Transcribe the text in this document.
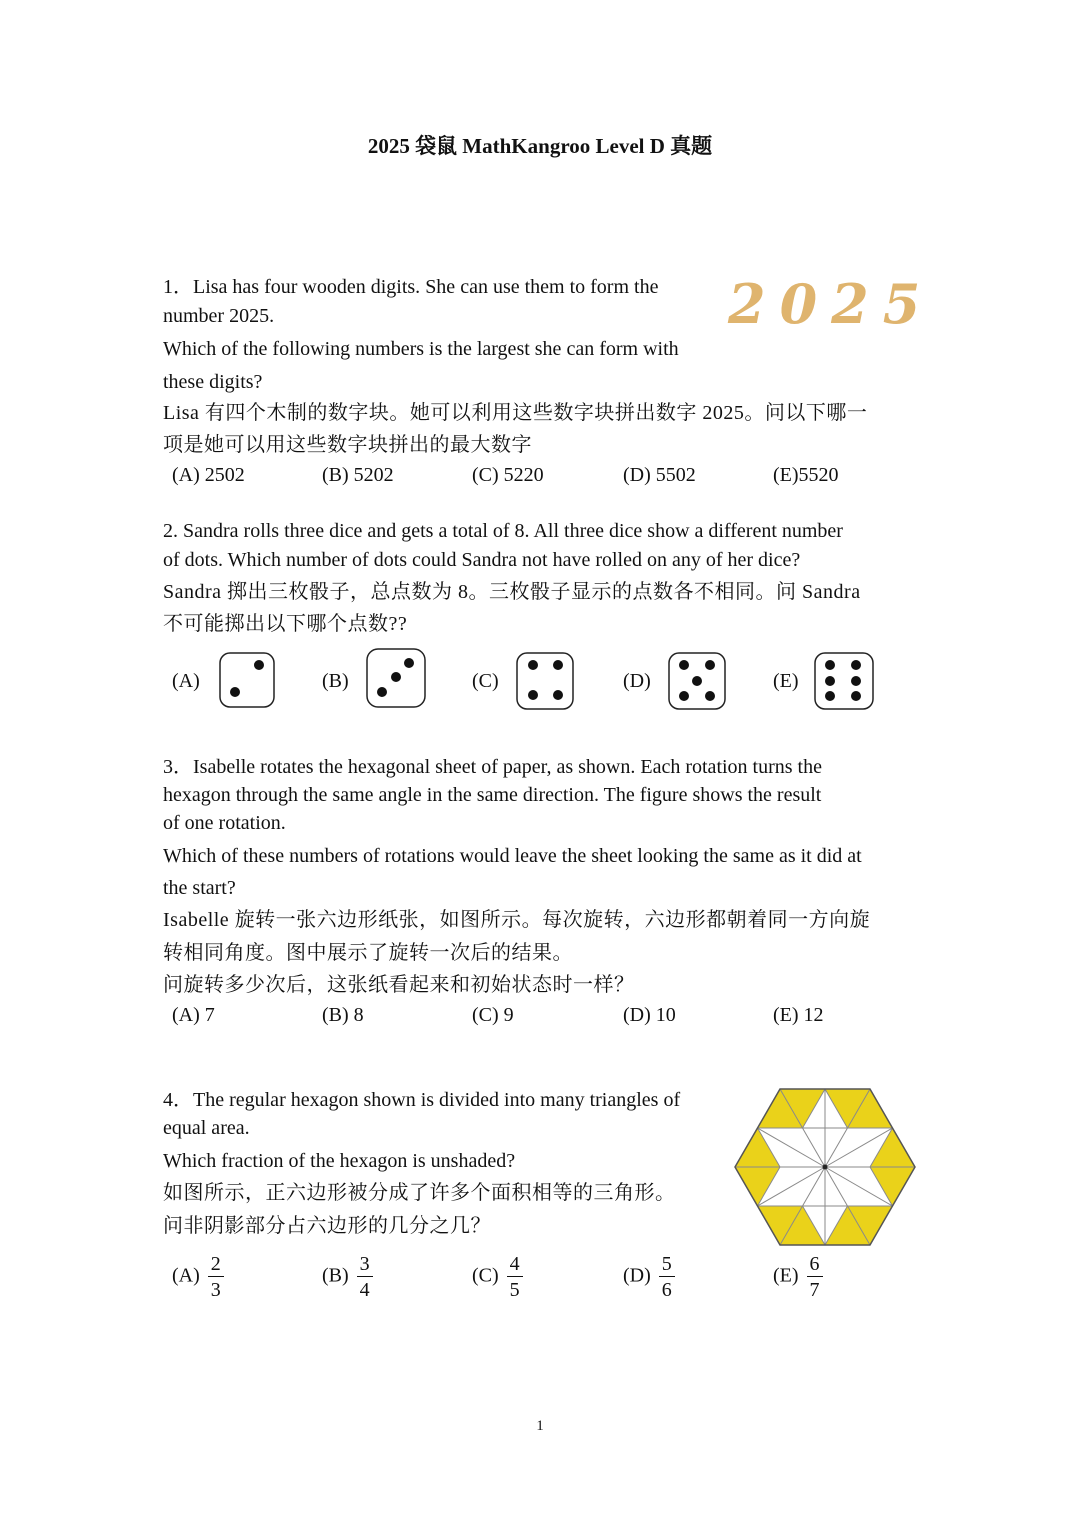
2025 袋鼠 MathKangroo Level D 真题
1．Lisa has four wooden digits. She can use them to form the
number 2025.
Which of the following numbers is the largest she can form with
these digits?
Lisa 有四个木制的数字块。她可以利用这些数字块拼出数字 2025。问以下哪一
项是她可以用这些数字块拼出的最大数字
2025
(A) 2502	(B) 5202	(C) 5220	(D) 5502	(E)5520
2. Sandra rolls three dice and gets a total of 8. All three dice show a different number
of dots. Which number of dots could Sandra not have rolled on any of her dice?
Sandra 掷出三枚骰子，总点数为 8。三枚骰子显示的点数各不相同。问 Sandra
不可能掷出以下哪个点数??
(A)	(B)	(C)	(D)	(E)
3．Isabelle rotates the hexagonal sheet of paper, as shown. Each rotation turns the
hexagon through the same angle in the same direction. The figure shows the result
of one rotation.
Which of these numbers of rotations would leave the sheet looking the same as it did at
the start?
Isabelle 旋转一张六边形纸张，如图所示。每次旋转，六边形都朝着同一方向旋
转相同角度。图中展示了旋转一次后的结果。
问旋转多少次后，这张纸看起来和初始状态时一样？
(A) 7	(B) 8	(C) 9	(D) 10	(E) 12
4．The regular hexagon shown is divided into many triangles of
equal area.
Which fraction of the hexagon is unshaded?
如图所示，正六边形被分成了许多个面积相等的三角形。
问非阴影部分占六边形的几分之几？
$(A) \frac{2}{3}$	$(B) \frac{3}{4}$	$(C) \frac{4}{5}$	$(D) \frac{5}{6}$	$(E) \frac{6}{7}$
1
